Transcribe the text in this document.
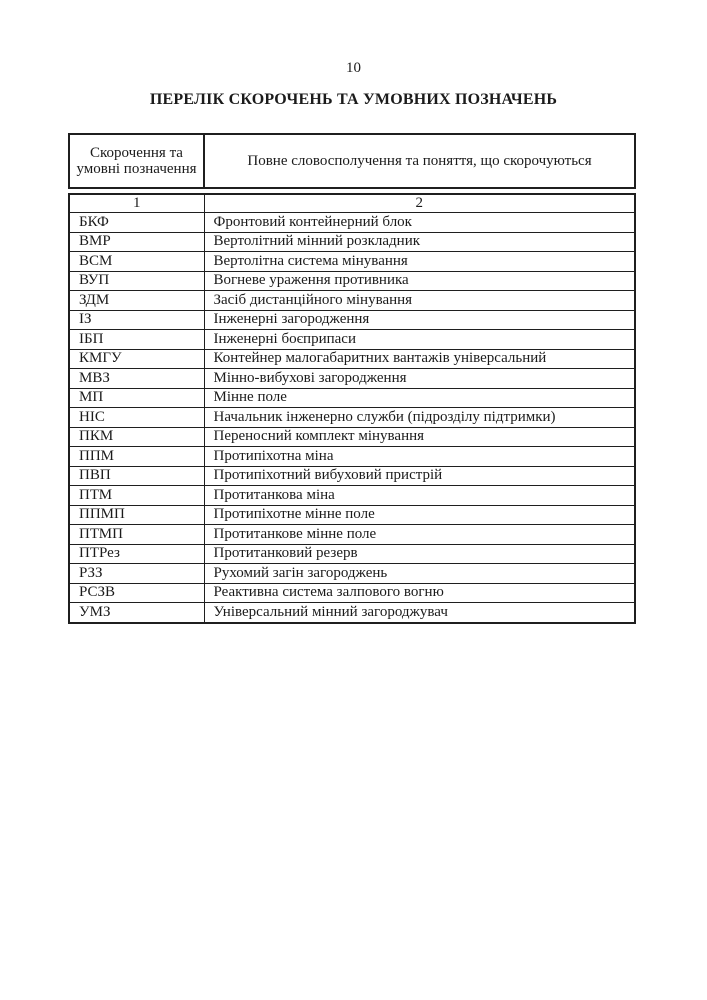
10
ПЕРЕЛІК СКОРОЧЕНЬ ТА УМОВНИХ ПОЗНАЧЕНЬ
Скорочення та умовні позначення	Повне словосполучення та поняття, що скорочуються
1	2
БКФ	Фронтовий контейнерний блок
ВМР	Вертолітний мінний розкладник
ВСМ	Вертолітна система мінування
ВУП	Вогневе ураження противника
ЗДМ	Засіб дистанційного мінування
ІЗ	Інженерні загородження
ІБП	Інженерні боєприпаси
КМГУ	Контейнер малогабаритних вантажів універсальний
МВЗ	Мінно-вибухові загородження
МП	Мінне поле
НІС	Начальник інженерно служби (підрозділу підтримки)
ПКМ	Переносний комплект мінування
ППМ	Протипіхотна міна
ПВП	Протипіхотний вибуховий пристрій
ПТМ	Протитанкова міна
ППМП	Протипіхотне мінне поле
ПТМП	Протитанкове мінне поле
ПТРез	Протитанковий резерв
РЗЗ	Рухомий загін загороджень
РСЗВ	Реактивна система залпового вогню
УМЗ	Універсальний мінний загороджувач
